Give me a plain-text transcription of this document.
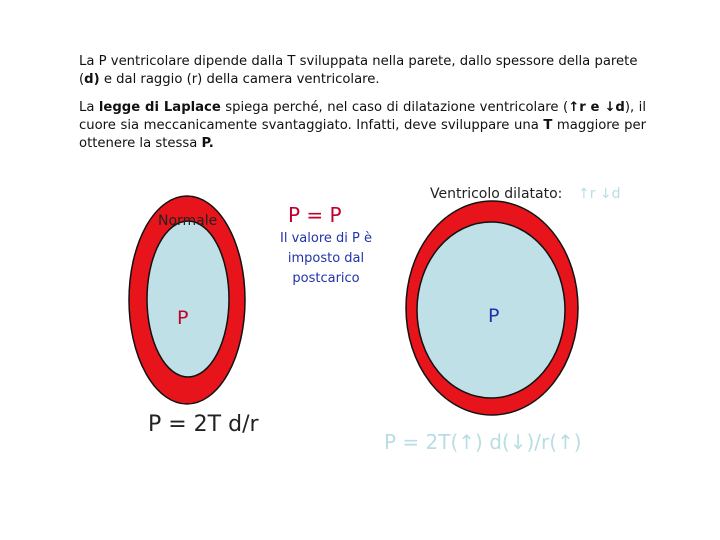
La P ventricolare dipende dalla T sviluppata nella parete, dallo spessore della parete (d) e dal raggio (r) della camera ventricolare.

La legge di Laplace spiega perché, nel caso di dilatazione ventricolare (↑r e ↓d), il cuore sia meccanicamente svantaggiato. Infatti, deve sviluppare una T maggiore per ottenere la stessa P.

Normale	P = P
Il valore di P è imposto dal postcarico
Ventricolo dilatato: ↑r ↓d
P	P
P = 2T d/r
P = 2T(↑) d(↓)/r(↑)
